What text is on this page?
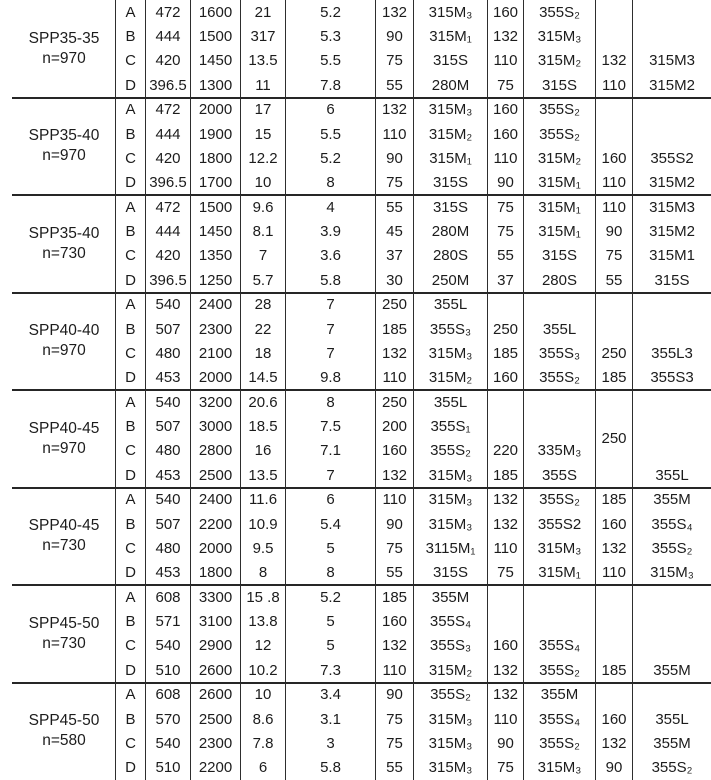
SPP35-35
n=970
A
B
C
D
472
444
420
396.5
1600
1500
1450
1300
21
317
13.5
11
5.2
5.3
5.5
7.8
132
90
75
55
315M₃
315M₁
315S
280M
160
132
110
75
355S₂
315M₃
315M₂
315S
132
110
315M3
315M2
SPP35-40
n=970
A
B
C
D
472
444
420
396.5
2000
1900
1800
1700
17
15
12.2
10
6
5.5
5.2
8
132
110
90
75
315M₃
315M₂
315M₁
315S
160
160
110
90
355S₂
355S₂
315M₂
315M₁
160
110
355S2
315M2
SPP35-40
n=730
A
B
C
D
472
444
420
396.5
1500
1450
1350
1250
9.6
8.1
7
5.7
4
3.9
3.6
5.8
55
45
37
30
315S
280M
280S
250M
75
75
55
37
315M₁
315M₁
315S
280S
110
90
75
55
315M3
315M2
315M1
315S
SPP40-40
n=970
A
B
C
D
540
507
480
453
2400
2300
2100
2000
28
22
18
14.5
7
7
7
9.8
250
185
132
110
355L
355S₃
315M₃
315M₂
250
185
160
355L
355S₃
355S₂
250
185
355L3
355S3
SPP40-45
n=970
A
B
C
D
540
507
480
453
3200
3000
2800
2500
20.6
18.5
16
13.5
8
7.5
7.1
7
250
200
160
132
355L
355S₁
355S₂
315M₃
220
185
335M₃
355S
250
355L
SPP40-45
n=730
A
B
C
D
540
507
480
453
2400
2200
2000
1800
11.6
10.9
9.5
8
6
5.4
5
8
110
90
75
55
315M₃
315M₃
3115M₁
315S
132
132
110
75
355S₂
355S2
315M₃
315M₁
185
160
132
110
355M
355S₄
355S₂
315M₃
SPP45-50
n=730
A
B
C
D
608
571
540
510
3300
3100
2900
2600
15 .8
13.8
12
10.2
5.2
5
5
7.3
185
160
132
110
355M
355S₄
355S₃
315M₂
160
132
355S₄
355S₂	185	355M
SPP45-50
n=580
A
B
C
D
608
570
540
510
2600
2500
2300
2200
10
8.6
7.8
6
3.4
3.1
3
5.8
90
75
75
55
355S₂
315M₃
315M₃
315M₃
132
110
90
75
355M
355S₄
355S₂
315M₃
160
132
90
355L
355M
355S₂
